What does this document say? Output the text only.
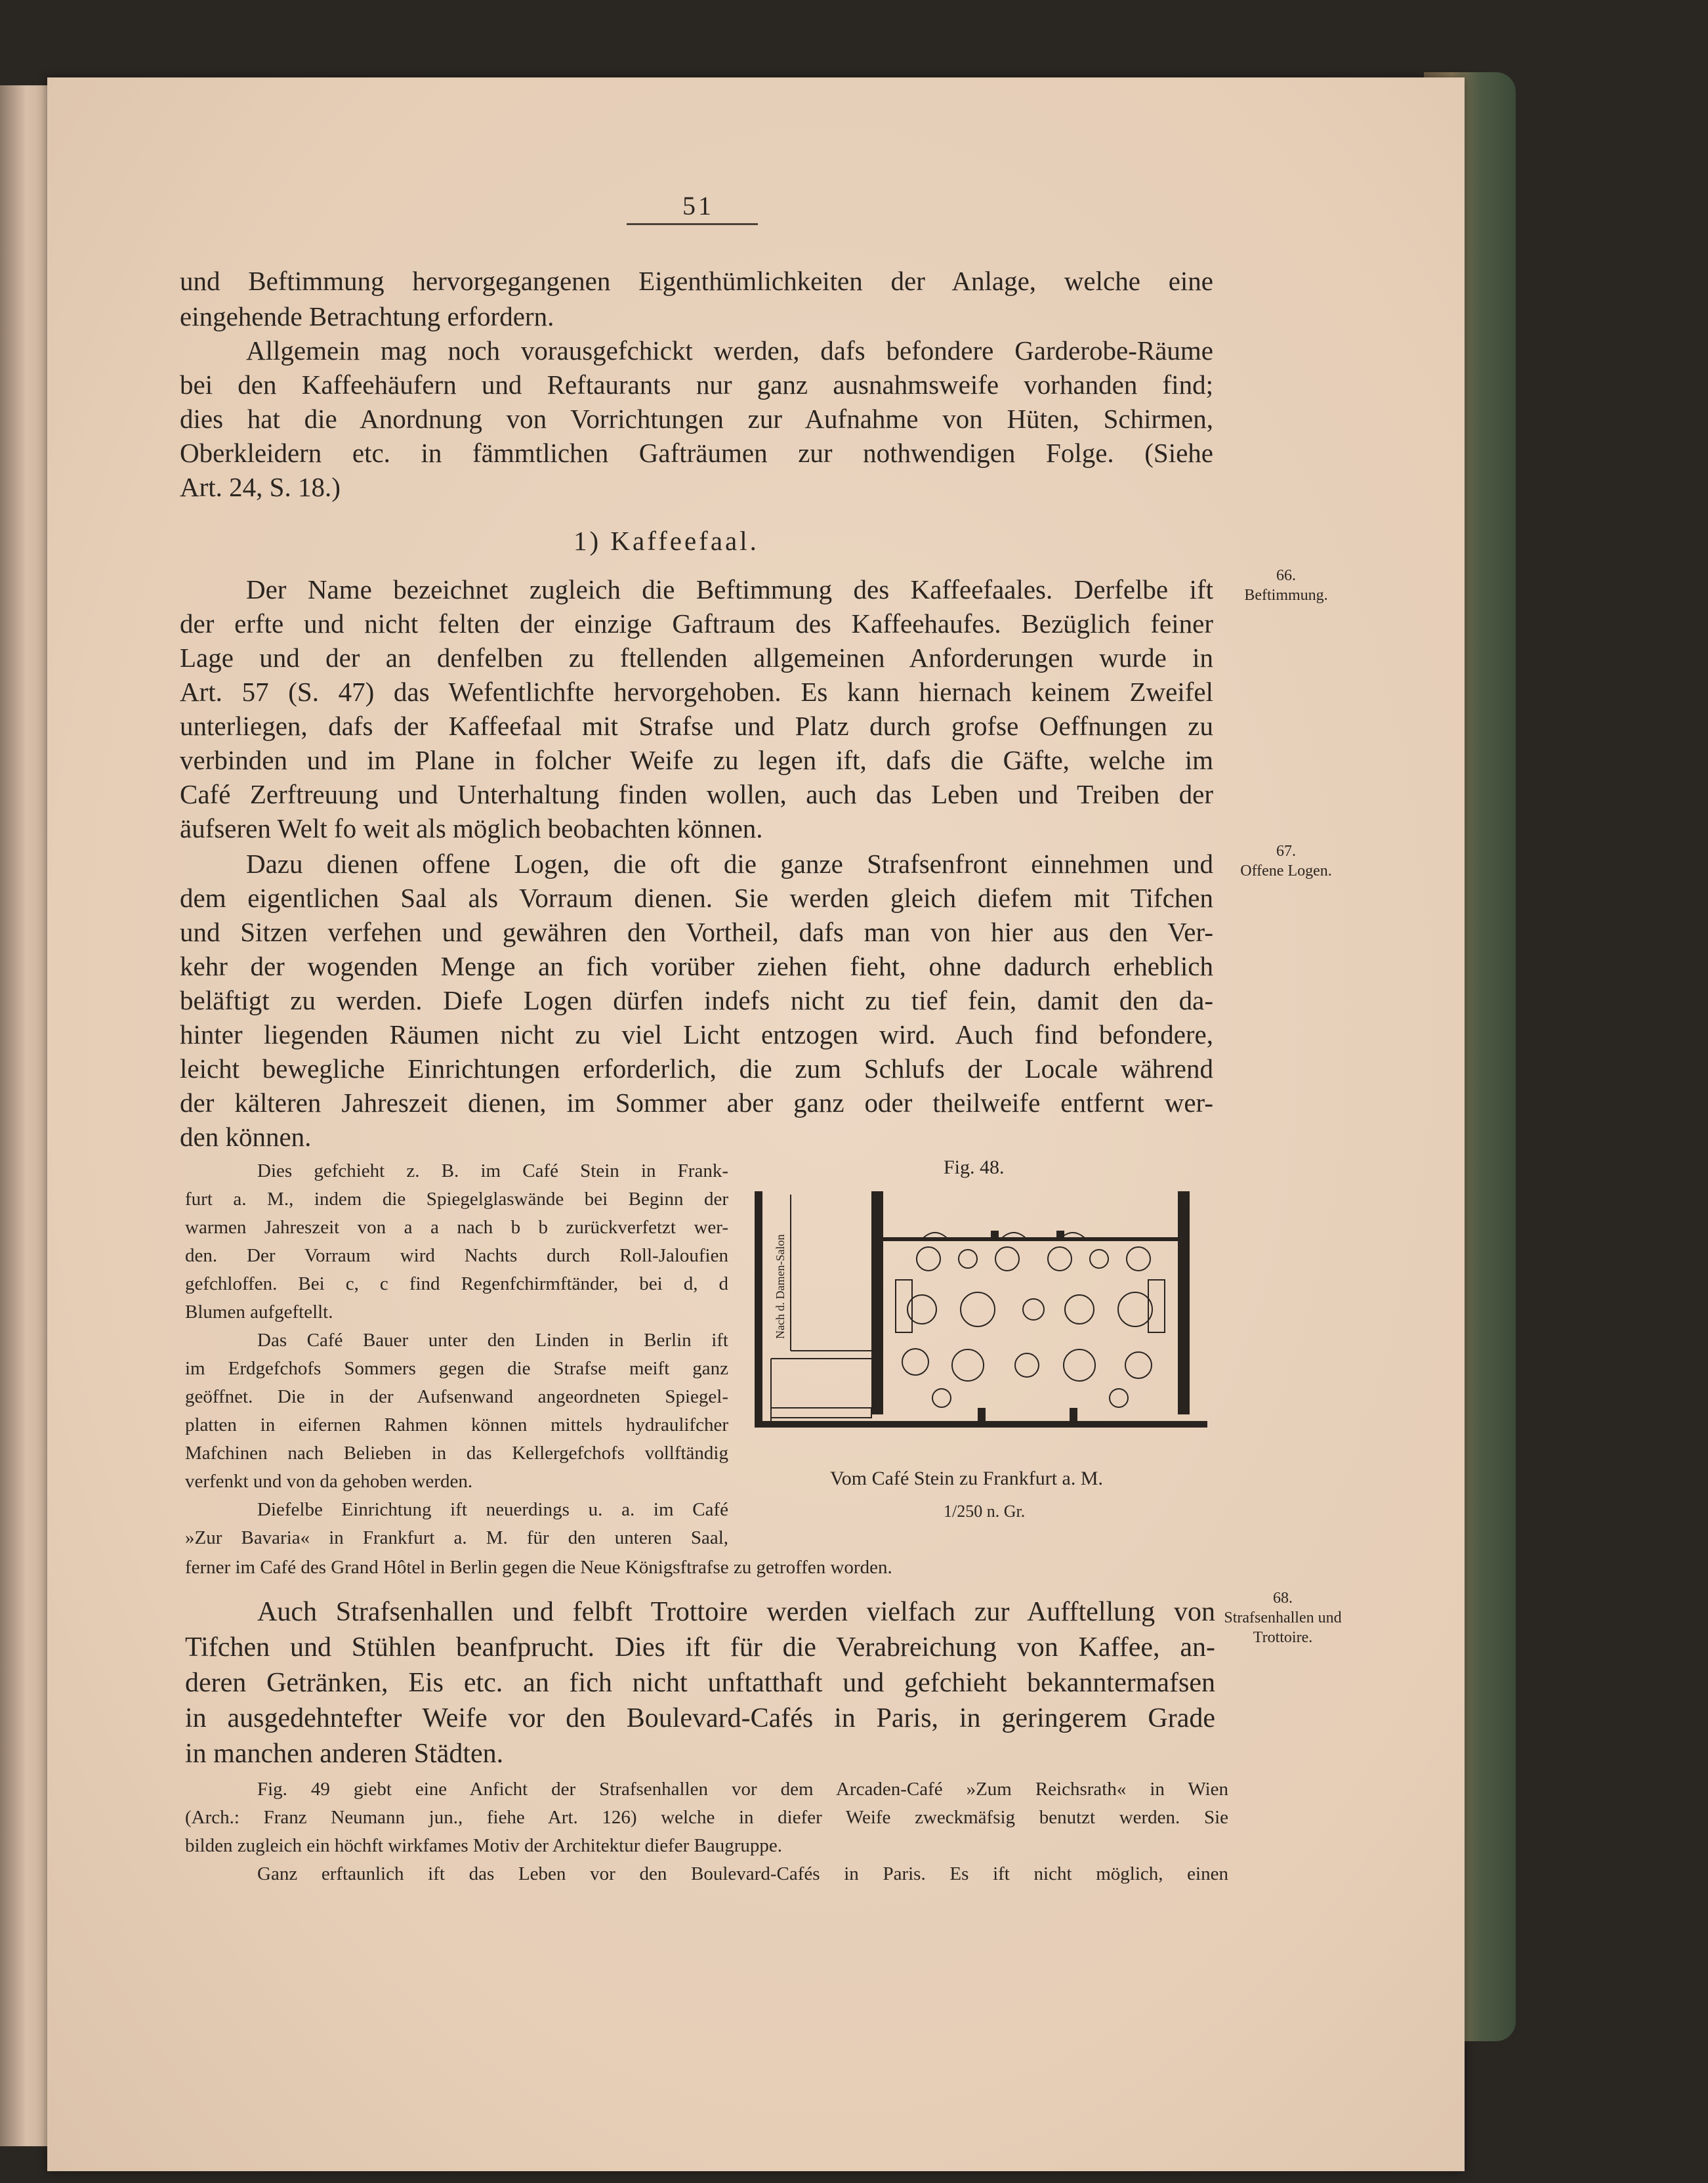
51
und Beftimmung hervorgegangenen Eigenthümlichkeiten der Anlage, welche eine
eingehende Betrachtung erfordern.
Allgemein mag noch vorausgefchickt werden, dafs befondere Garderobe-Räume
bei den Kaffeehäufern und Reftaurants nur ganz ausnahmsweife vorhanden find;
dies hat die Anordnung von Vorrichtungen zur Aufnahme von Hüten, Schirmen,
Oberkleidern etc. in fämmtlichen Gafträumen zur nothwendigen Folge. (Siehe
Art. 24, S. 18.)
1) Kaffeefaal.
Der Name bezeichnet zugleich die Beftimmung des Kaffeefaales. Derfelbe ift
der erfte und nicht felten der einzige Gaftraum des Kaffeehaufes. Bezüglich feiner
Lage und der an denfelben zu ftellenden allgemeinen Anforderungen wurde in
Art. 57 (S. 47) das Wefentlichfte hervorgehoben. Es kann hiernach keinem Zweifel
unterliegen, dafs der Kaffeefaal mit Strafse und Platz durch grofse Oeffnungen zu
verbinden und im Plane in folcher Weife zu legen ift, dafs die Gäfte, welche im
Café Zerftreuung und Unterhaltung finden wollen, auch das Leben und Treiben der
äufseren Welt fo weit als möglich beobachten können.
Dazu dienen offene Logen, die oft die ganze Strafsenfront einnehmen und
dem eigentlichen Saal als Vorraum dienen. Sie werden gleich diefem mit Tifchen
und Sitzen verfehen und gewähren den Vortheil, dafs man von hier aus den Ver-
kehr der wogenden Menge an fich vorüber ziehen fieht, ohne dadurch erheblich
beläftigt zu werden. Diefe Logen dürfen indefs nicht zu tief fein, damit den da-
hinter liegenden Räumen nicht zu viel Licht entzogen wird. Auch find befondere,
leicht bewegliche Einrichtungen erforderlich, die zum Schlufs der Locale während
der kälteren Jahreszeit dienen, im Sommer aber ganz oder theilweife entfernt wer-
den können.
Dies gefchieht z. B. im Café Stein in Frank-
furt a. M., indem die Spiegelglaswände bei Beginn der
warmen Jahreszeit von a a nach b b zurückverfetzt wer-
den. Der Vorraum wird Nachts durch Roll-Jaloufien
gefchloffen. Bei c, c find Regenfchirmftänder, bei d, d
Blumen aufgeftellt.
Das Café Bauer unter den Linden in Berlin ift
im Erdgefchofs Sommers gegen die Strafse meift ganz
geöffnet. Die in der Aufsenwand angeordneten Spiegel-
platten in eifernen Rahmen können mittels hydraulifcher
Mafchinen nach Belieben in das Kellergefchofs vollftändig
verfenkt und von da gehoben werden.
Diefelbe Einrichtung ift neuerdings u. a. im Café
»Zur Bavaria« in Frankfurt a. M. für den unteren Saal,
ferner im Café des Grand Hôtel in Berlin gegen die Neue Königsftrafse zu getroffen worden.
Fig. 48.
Nach d. Damen-Salon
Vom Café Stein zu Frankfurt a. M.
1/250 n. Gr.
Auch Strafsenhallen und felbft Trottoire werden vielfach zur Aufftellung von
Tifchen und Stühlen beanfprucht. Dies ift für die Verabreichung von Kaffee, an-
deren Getränken, Eis etc. an fich nicht unftatthaft und gefchieht bekanntermafsen
in ausgedehntefter Weife vor den Boulevard-Cafés in Paris, in geringerem Grade
in manchen anderen Städten.
Fig. 49 giebt eine Anficht der Strafsenhallen vor dem Arcaden-Café »Zum Reichsrath« in Wien
(Arch.: Franz Neumann jun., fiehe Art. 126) welche in diefer Weife zweckmäfsig benutzt werden. Sie
bilden zugleich ein höchft wirkfames Motiv der Architektur diefer Baugruppe.
Ganz erftaunlich ift das Leben vor den Boulevard-Cafés in Paris. Es ift nicht möglich, einen
66.
Beftimmung.
67.
Offene Logen.
68.
Strafsenhallen und Trottoire.
